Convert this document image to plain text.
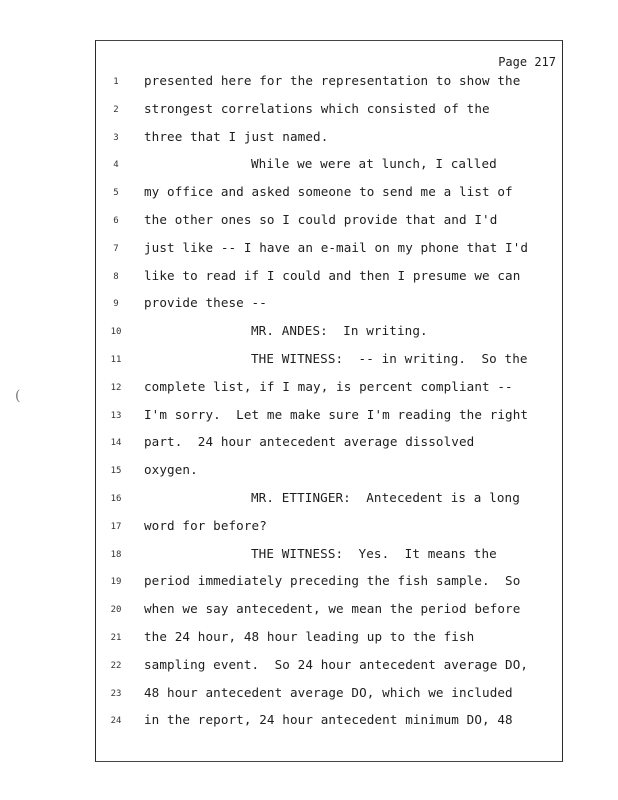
Page 217
1	presented here for the representation to show the
2	strongest correlations which consisted of the
3	three that I just named.
4	While we were at lunch, I called
5	my office and asked someone to send me a list of
6	the other ones so I could provide that and I'd
7	just like -- I have an e-mail on my phone that I'd
8	like to read if I could and then I presume we can
9	provide these --
10	MR. ANDES:  In writing.
11	THE WITNESS:  -- in writing.  So the
12	complete list, if I may, is percent compliant --
13	I'm sorry.  Let me make sure I'm reading the right
14	part.  24 hour antecedent average dissolved
15	oxygen.
16	MR. ETTINGER:  Antecedent is a long
17	word for before?
18	THE WITNESS:  Yes.  It means the
19	period immediately preceding the fish sample.  So
20	when we say antecedent, we mean the period before
21	the 24 hour, 48 hour leading up to the fish
22	sampling event.  So 24 hour antecedent average DO,
23	48 hour antecedent average DO, which we included
24	in the report, 24 hour antecedent minimum DO, 48
(
